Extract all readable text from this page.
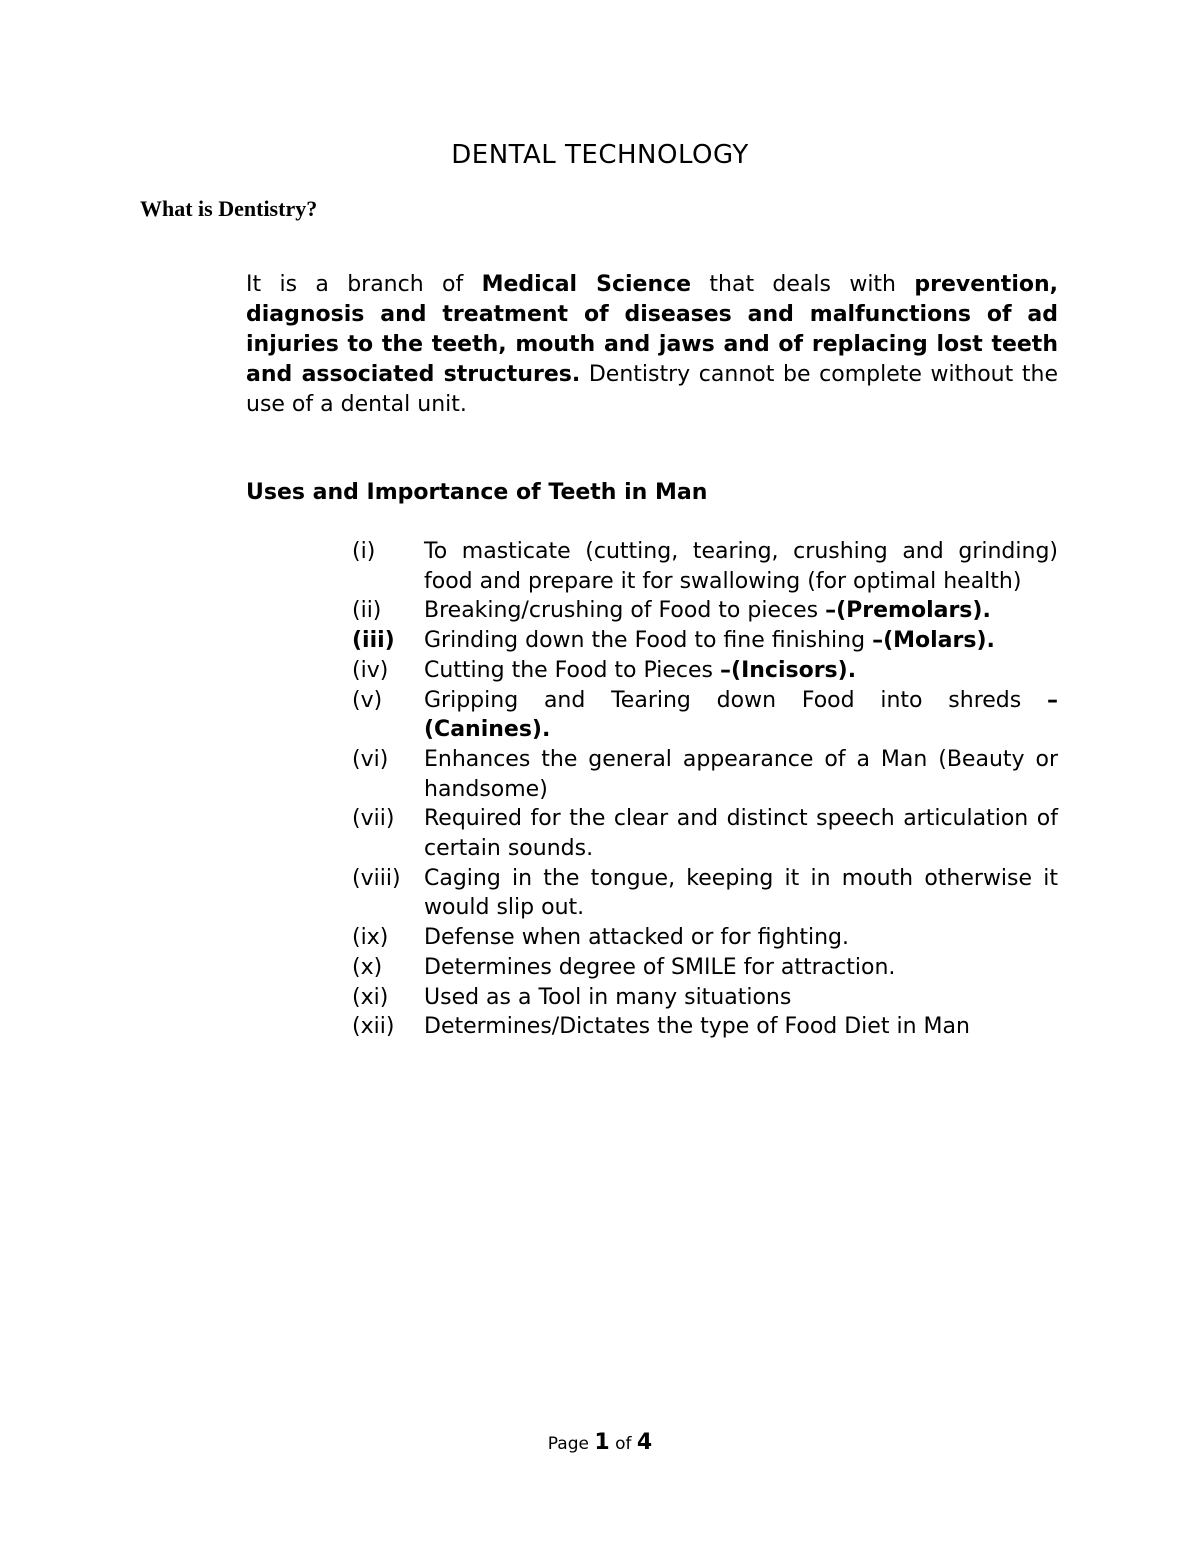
DENTAL TECHNOLOGY
What is Dentistry?
It is a branch of Medical Science that deals with prevention, diagnosis and treatment of diseases and malfunctions of ad injuries to the teeth, mouth and jaws and of replacing lost teeth and associated structures. Dentistry cannot be complete without the use of a dental unit.
Uses and Importance of Teeth in Man
(i)	To masticate (cutting, tearing, crushing and grinding) food and prepare it for swallowing (for optimal health)
(ii)	Breaking/crushing of Food to pieces –(Premolars).
(iii)	Grinding down the Food to fine finishing –(Molars).
(iv)	Cutting the Food to Pieces –(Incisors).
(v)	Gripping and Tearing down Food into shreds – (Canines).
(vi)	Enhances the general appearance of a Man (Beauty or handsome)
(vii)	Required for the clear and distinct speech articulation of certain sounds.
(viii)	Caging in the tongue, keeping it in mouth otherwise it would slip out.
(ix)	Defense when attacked or for fighting.
(x)	Determines degree of SMILE for attraction.
(xi)	Used as a Tool in many situations
(xii)	Determines/Dictates the type of Food Diet in Man
Page 1 of 4
